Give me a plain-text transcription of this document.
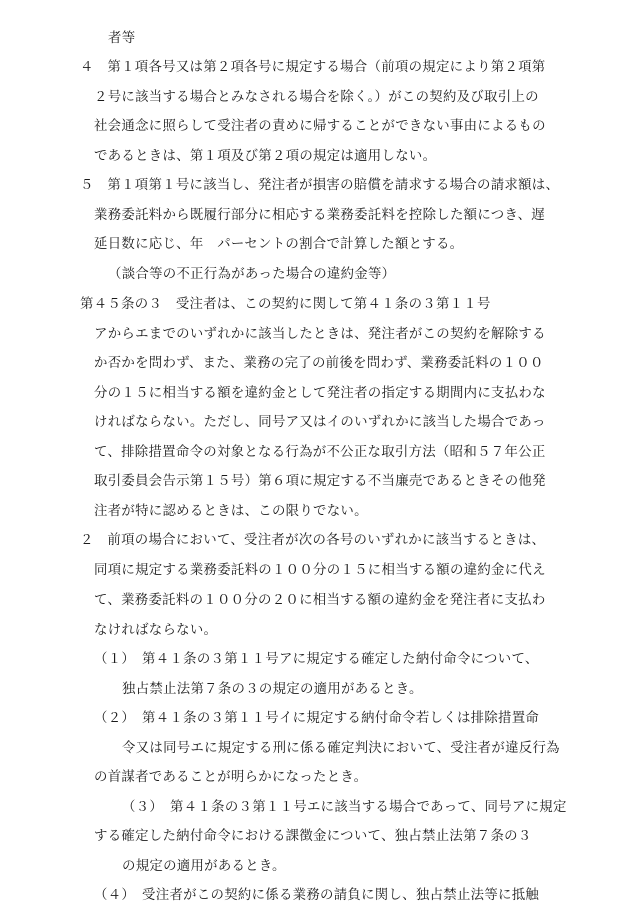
者等
４　第１項各号又は第２項各号に規定する場合（前項の規定により第２項第
２号に該当する場合とみなされる場合を除く。）がこの契約及び取引上の
社会通念に照らして受注者の責めに帰することができない事由によるもの
であるときは、第１項及び第２項の規定は適用しない。
５　第１項第１号に該当し、発注者が損害の賠償を請求する場合の請求額は、
業務委託料から既履行部分に相応する業務委託料を控除した額につき、遅
延日数に応じ、年　パーセントの割合で計算した額とする。
（談合等の不正行為があった場合の違約金等）
第４５条の３　受注者は、この契約に関して第４１条の３第１１号
アからエまでのいずれかに該当したときは、発注者がこの契約を解除する
か否かを問わず、また、業務の完了の前後を問わず、業務委託料の１００
分の１５に相当する額を違約金として発注者の指定する期間内に支払わな
ければならない。ただし、同号ア又はイのいずれかに該当した場合であっ
て、排除措置命令の対象となる行為が不公正な取引方法（昭和５７年公正
取引委員会告示第１５号）第６項に規定する不当廉売であるときその他発
注者が特に認めるときは、この限りでない。
２　前項の場合において、受注者が次の各号のいずれかに該当するときは、
同項に規定する業務委託料の１００分の１５に相当する額の違約金に代え
て、業務委託料の１００分の２０に相当する額の違約金を発注者に支払わ
なければならない。
（１）　第４１条の３第１１号アに規定する確定した納付命令について、
独占禁止法第７条の３の規定の適用があるとき。
（２）　第４１条の３第１１号イに規定する納付命令若しくは排除措置命
令又は同号エに規定する刑に係る確定判決において、受注者が違反行為
の首謀者であることが明らかになったとき。
（３）　第４１条の３第１１号エに該当する場合であって、同号アに規定
する確定した納付命令における課徴金について、独占禁止法第７条の３
の規定の適用があるとき。
（４）　受注者がこの契約に係る業務の請負に関し、独占禁止法等に抵触
